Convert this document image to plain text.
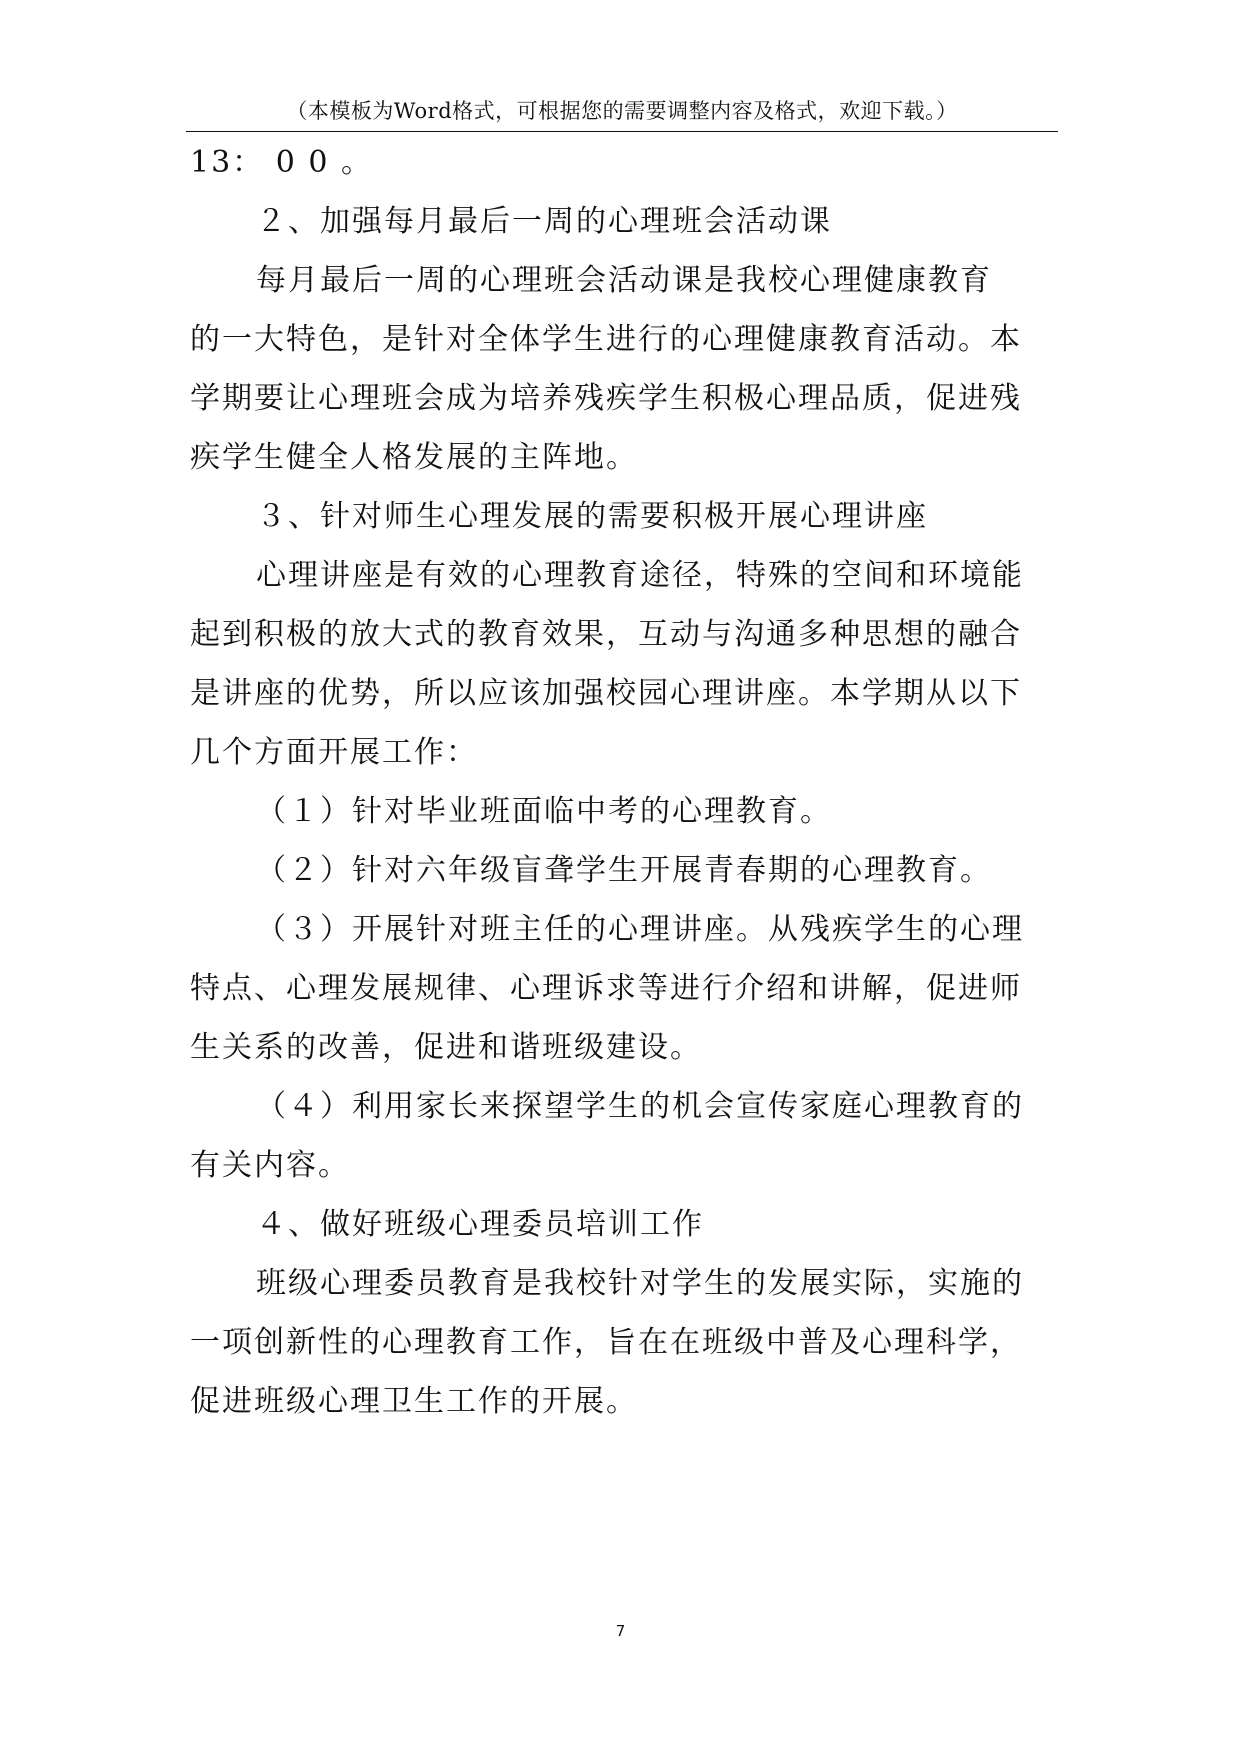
（本模板为Word格式，可根据您的需要调整内容及格式，欢迎下载。）
13： 0 0 。
２、加强每月最后一周的心理班会活动课
每月最后一周的心理班会活动课是我校心理健康教育
的一大特色，是针对全体学生进行的心理健康教育活动。本
学期要让心理班会成为培养残疾学生积极心理品质，促进残
疾学生健全人格发展的主阵地。
３、针对师生心理发展的需要积极开展心理讲座
心理讲座是有效的心理教育途径，特殊的空间和环境能
起到积极的放大式的教育效果，互动与沟通多种思想的融合
是讲座的优势，所以应该加强校园心理讲座。本学期从以下
几个方面开展工作：
（１）针对毕业班面临中考的心理教育。
（２）针对六年级盲聋学生开展青春期的心理教育。
（３）开展针对班主任的心理讲座。从残疾学生的心理
特点、心理发展规律、心理诉求等进行介绍和讲解，促进师
生关系的改善，促进和谐班级建设。
（４）利用家长来探望学生的机会宣传家庭心理教育的
有关内容。
４、做好班级心理委员培训工作
班级心理委员教育是我校针对学生的发展实际，实施的
一项创新性的心理教育工作，旨在在班级中普及心理科学，
促进班级心理卫生工作的开展。
7
